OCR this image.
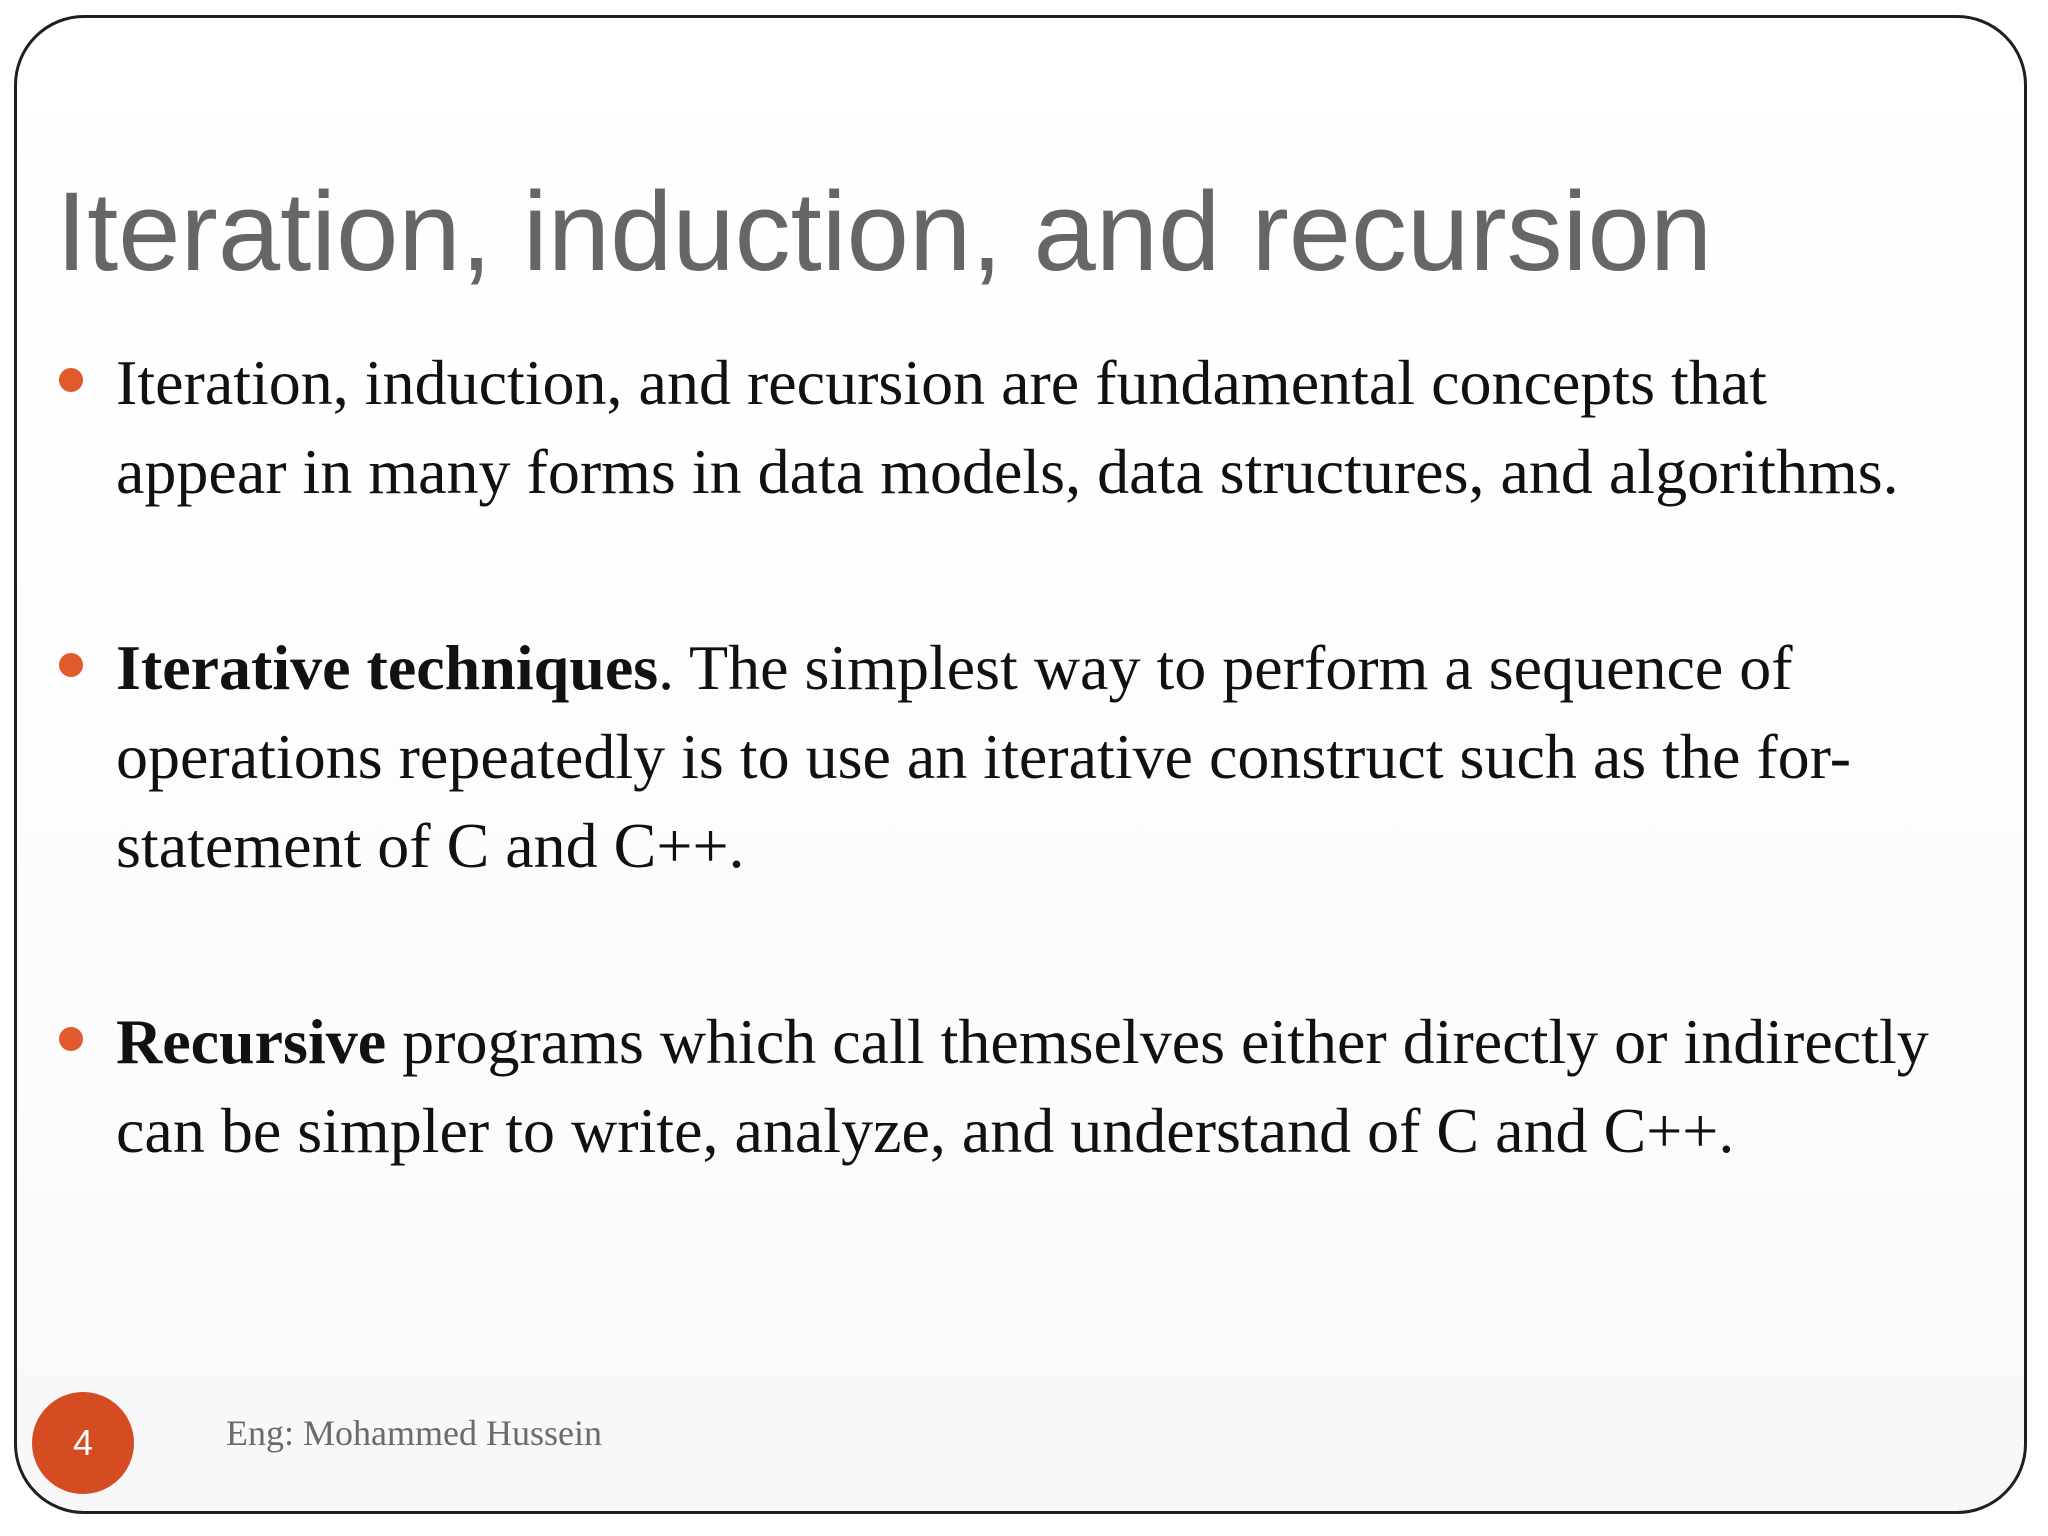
Iteration, induction, and recursion
Iteration, induction, and recursion are fundamental concepts that appear in many forms in data models, data structures, and algorithms.
Iterative techniques. The simplest way to perform a sequence of operations repeatedly is to use an iterative construct such as the for-statement of C and C++.
Recursive programs which call themselves either directly or indirectly can be simpler to write, analyze, and understand of C and C++.
4	Eng: Mohammed Hussein
